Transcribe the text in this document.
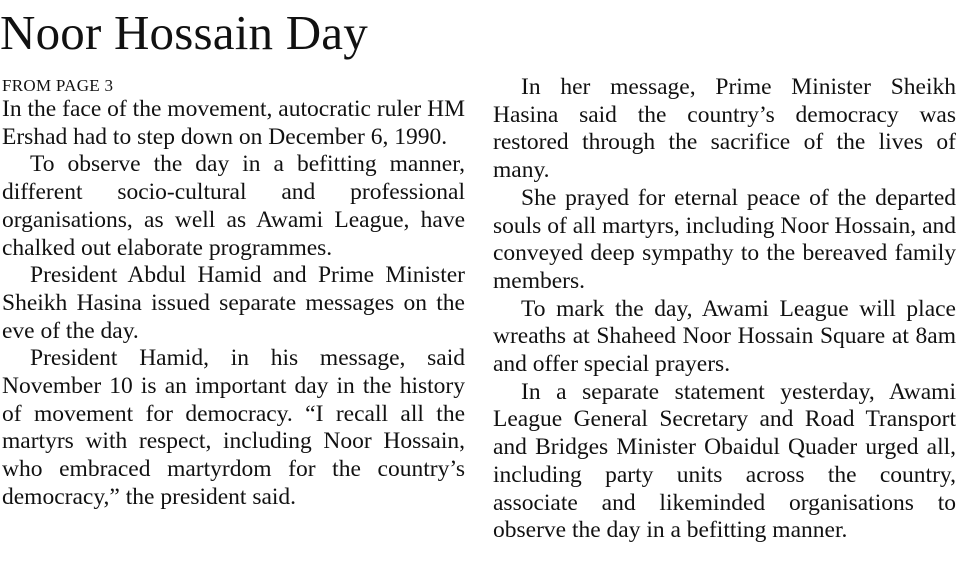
Noor Hossain Day
FROM PAGE 3

In the face of the movement, autocratic ruler HM Ershad had to step down on December 6, 1990.

To observe the day in a befitting manner, different socio-cultural and professional organisations, as well as Awami League, have chalked out elaborate programmes.

President Abdul Hamid and Prime Minister Sheikh Hasina issued separate messages on the eve of the day.

President Hamid, in his message, said November 10 is an important day in the history of movement for democracy. “I recall all the martyrs with respect, including Noor Hossain, who embraced martyrdom for the country’s democracy,” the president said.

In her message, Prime Minister Sheikh Hasina said the country’s democracy was restored through the sacrifice of the lives of many.

She prayed for eternal peace of the departed souls of all martyrs, including Noor Hossain, and conveyed deep sympathy to the bereaved family members.

To mark the day, Awami League will place wreaths at Shaheed Noor Hossain Square at 8am and offer special prayers.

In a separate statement yesterday, Awami League General Secretary and Road Transport and Bridges Minister Obaidul Quader urged all, including party units across the country, associate and likeminded organisations to observe the day in a befitting manner.
